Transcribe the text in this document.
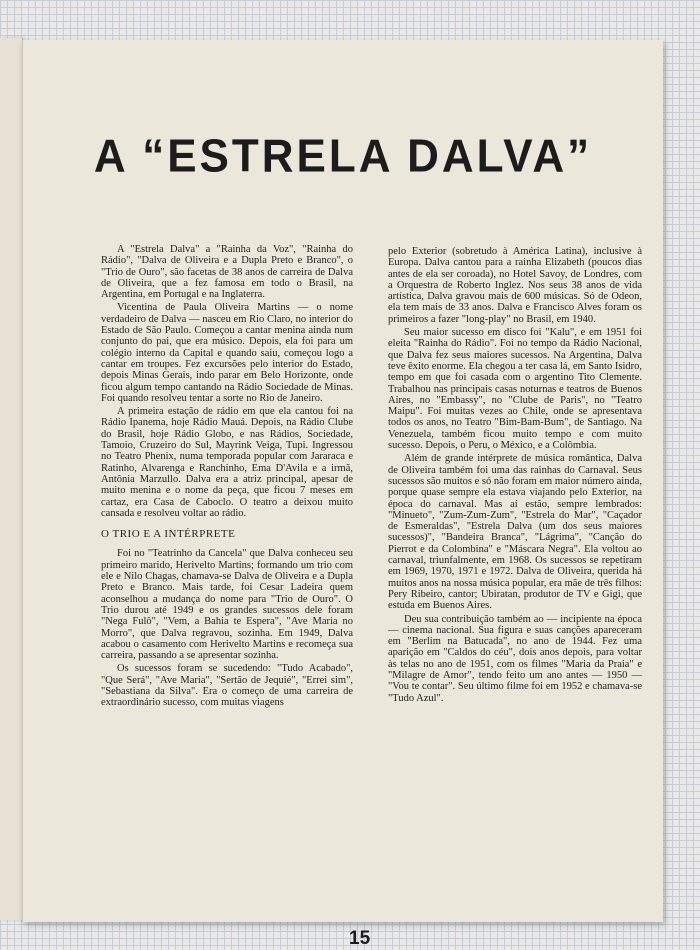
A “ESTRELA DALVA”

A "Estrela Dalva" a "Rainha da Voz", "Rainha do Rádio", "Dalva de Oliveira e a Dupla Preto e Branco", o "Trio de Ouro", são facetas de 38 anos de carreira de Dalva de Oliveira, que a fez famosa em todo o Brasil, na Argentina, em Portugal e na Inglaterra.

Vicentina de Paula Oliveira Martins — o nome verdadeiro de Dalva — nasceu em Rio Claro, no interior do Estado de São Paulo. Começou a cantar menina ainda num conjunto do pai, que era músico. Depois, ela foi para um colégio interno da Capital e quando saiu, começou logo a cantar em troupes. Fez excursões pelo interior do Estado, depois Minas Gerais, indo parar em Belo Horizonte, onde ficou algum tempo cantando na Rádio Sociedade de Minas. Foi quando resolveu tentar a sorte no Rio de Janeiro.

A primeira estação de rádio em que ela cantou foi na Rádio Ipanema, hoje Rádio Mauá. Depois, na Rádio Clube do Brasil, hoje Rádio Globo, e nas Rádios, Sociedade, Tamoio, Cruzeiro do Sul, Mayrink Veiga, Tupi. Ingressou no Teatro Phenix, numa temporada popular com Jararaca e Ratinho, Alvarenga e Ranchinho, Ema D'Avila e a irmã, Antônia Marzullo. Dalva era a atriz principal, apesar de muito menina e o nome da peça, que ficou 7 meses em cartaz, era Casa de Caboclo. O teatro a deixou muito cansada e resolveu voltar ao rádio.

O TRIO E A INTÉRPRETE

Foi no "Teatrinho da Cancela" que Dalva conheceu seu primeiro marido, Herivelto Martins; formando um trio com ele e Nilo Chagas, chamava-se Dalva de Oliveira e a Dupla Preto e Branco. Mais tarde, foi Cesar Ladeira quem aconselhou a mudança do nome para "Trio de Ouro". O Trio durou até 1949 e os grandes sucessos dele foram "Nega Fulô", "Vem, a Bahia te Espera", "Ave Maria no Morro", que Dalva regravou, sozinha. Em 1949, Dalva acabou o casamento com Herivelto Martins e recomeça sua carreira, passando a se apresentar sozinha.

Os sucessos foram se sucedendo: "Tudo Acabado", "Que Será", "Ave Maria", "Sertão de Jequié", "Errei sim", "Sebastiana da Silva". Era o começo de uma carreira de extraordinário sucesso, com muitas viagens

pelo Exterior (sobretudo à América Latina), inclusive à Europa. Dalva cantou para a rainha Elizabeth (poucos dias antes de ela ser coroada), no Hotel Savoy, de Londres, com a Orquestra de Roberto Inglez. Nos seus 38 anos de vida artística, Dalva gravou mais de 600 músicas. Só de Odeon, ela tem mais de 33 anos. Dalva e Francisco Alves foram os primeiros a fazer "long-play" no Brasil, em 1940.

Seu maior sucesso em disco foi "Kalu", e em 1951 foi eleita "Rainha do Rádio". Foi no tempo da Rádio Nacional, que Dalva fez seus maiores sucessos. Na Argentina, Dalva teve êxito enorme. Ela chegou a ter casa lá, em Santo Isidro, tempo em que foi casada com o argentino Tito Clemente. Trabalhou nas principais casas noturnas e teatros de Buenos Aires, no "Embassy", no "Clube de Paris", no "Teatro Maipu". Foi muitas vezes ao Chile, onde se apresentava todos os anos, no Teatro "Bim-Bam-Bum", de Santiago. Na Venezuela, também ficou muito tempo e com muito sucesso. Depois, o Peru, o México, e a Colômbia.

Além de grande intérprete de música romântica, Dalva de Oliveira também foi uma das rainhas do Carnaval. Seus sucessos são muitos e só não foram em maior número ainda, porque quase sempre ela estava viajando pelo Exterior, na época do carnaval. Mas aí estão, sempre lembrados: "Minueto", "Zum-Zum-Zum", "Estrela do Mar", "Caçador de Esmeraldas", "Estrela Dalva (um dos seus maiores sucessos)", "Bandeira Branca", "Lágrima", "Canção do Pierrot e da Colombina" e "Máscara Negra". Ela voltou ao carnaval, triunfalmente, em 1968. Os sucessos se repetiram em 1969, 1970, 1971 e 1972. Dalva de Oliveira, querida há muitos anos na nossa música popular, era mãe de três filhos: Pery Ribeiro, cantor; Ubiratan, produtor de TV e Gigi, que estuda em Buenos Aires.

Deu sua contribuição também ao — incipiente na época — cinema nacional. Sua figura e suas canções apareceram em "Berlim na Batucada", no ano de 1944. Fez uma aparição em "Caldos do céu", dois anos depois, para voltar às telas no ano de 1951, com os filmes "Maria da Praia" e "Milagre de Amor", tendo feito um ano antes — 1950 — "Vou te contar". Seu último filme foi em 1952 e chamava-se "Tudo Azul".

15
